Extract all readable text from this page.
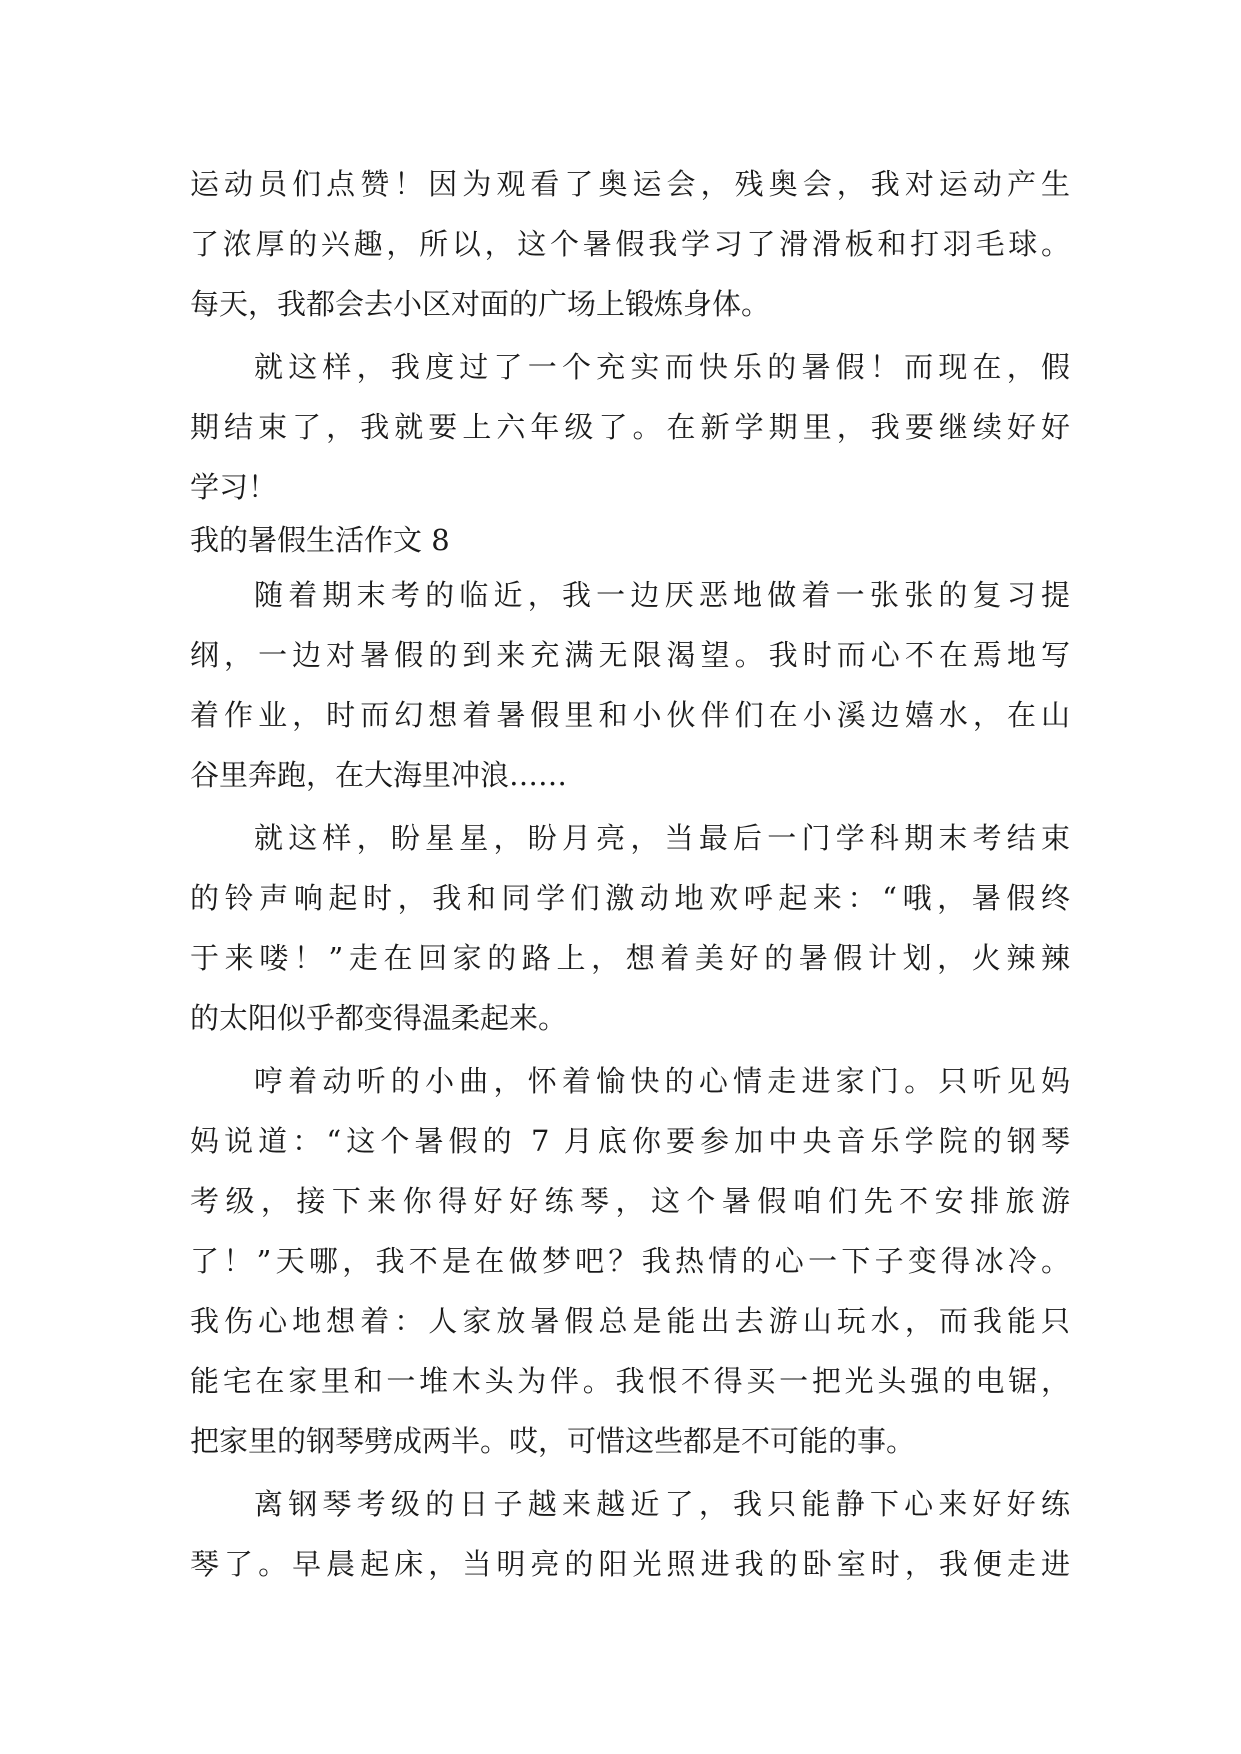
运动员们点赞！因为观看了奥运会，残奥会，我对运动产生
了浓厚的兴趣，所以，这个暑假我学习了滑滑板和打羽毛球。
每天，我都会去小区对面的广场上锻炼身体。
就这样，我度过了一个充实而快乐的暑假！而现在，假
期结束了，我就要上六年级了。在新学期里，我要继续好好
学习！
我的暑假生活作文 8
随着期末考的临近，我一边厌恶地做着一张张的复习提
纲，一边对暑假的到来充满无限渴望。我时而心不在焉地写
着作业，时而幻想着暑假里和小伙伴们在小溪边嬉水，在山
谷里奔跑，在大海里冲浪……
就这样，盼星星，盼月亮，当最后一门学科期末考结束
的铃声响起时，我和同学们激动地欢呼起来：“哦，暑假终
于来喽！”走在回家的路上，想着美好的暑假计划，火辣辣
的太阳似乎都变得温柔起来。
哼着动听的小曲，怀着愉快的心情走进家门。只听见妈
妈说道：“这个暑假的 7 月底你要参加中央音乐学院的钢琴
考级，接下来你得好好练琴，这个暑假咱们先不安排旅游
了！”天哪，我不是在做梦吧？我热情的心一下子变得冰冷。
我伤心地想着：人家放暑假总是能出去游山玩水，而我能只
能宅在家里和一堆木头为伴。我恨不得买一把光头强的电锯，
把家里的钢琴劈成两半。哎，可惜这些都是不可能的事。
离钢琴考级的日子越来越近了，我只能静下心来好好练
琴了。早晨起床，当明亮的阳光照进我的卧室时，我便走进
